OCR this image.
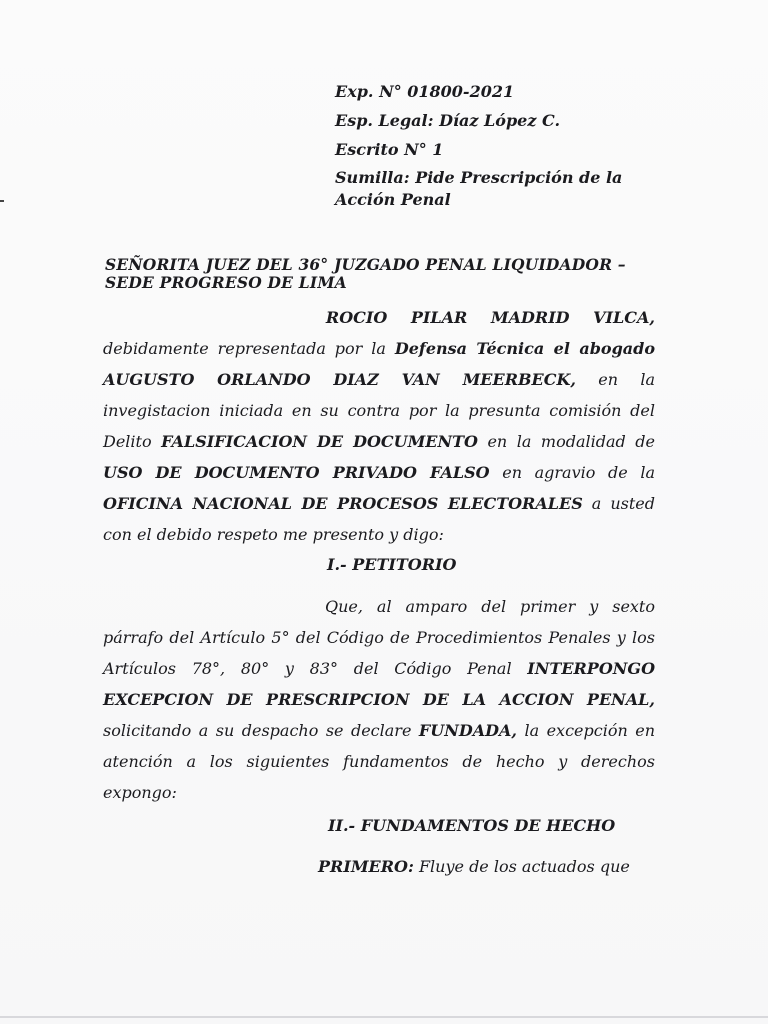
Exp. N° 01800-2021
Esp. Legal: Díaz López C.
Escrito N° 1
Sumilla: Pide Prescripción de la Acción Penal
SEÑORITA JUEZ DEL 36° JUZGADO PENAL LIQUIDADOR – SEDE PROGRESO DE LIMA
ROCIO PILAR MADRID VILCA,
debidamente representada por la Defensa Técnica el abogado AUGUSTO ORLANDO DIAZ VAN MEERBECK, en la invegistacion iniciada en su contra por la presunta comisión del Delito FALSIFICACION DE DOCUMENTO en la modalidad de USO DE DOCUMENTO PRIVADO FALSO en agravio de la OFICINA NACIONAL DE PROCESOS ELECTORALES a usted con el debido respeto me presento y digo:
I.- PETITORIO
Que, al amparo del primer y sexto párrafo del Artículo 5° del Código de Procedimientos Penales y los Artículos 78°, 80° y 83° del Código Penal INTERPONGO EXCEPCION DE PRESCRIPCION DE LA ACCION PENAL, solicitando a su despacho se declare FUNDADA, la excepción en atención a los siguientes fundamentos de hecho y derechos expongo:
II.- FUNDAMENTOS DE HECHO
PRIMERO: Fluye de los actuados que
